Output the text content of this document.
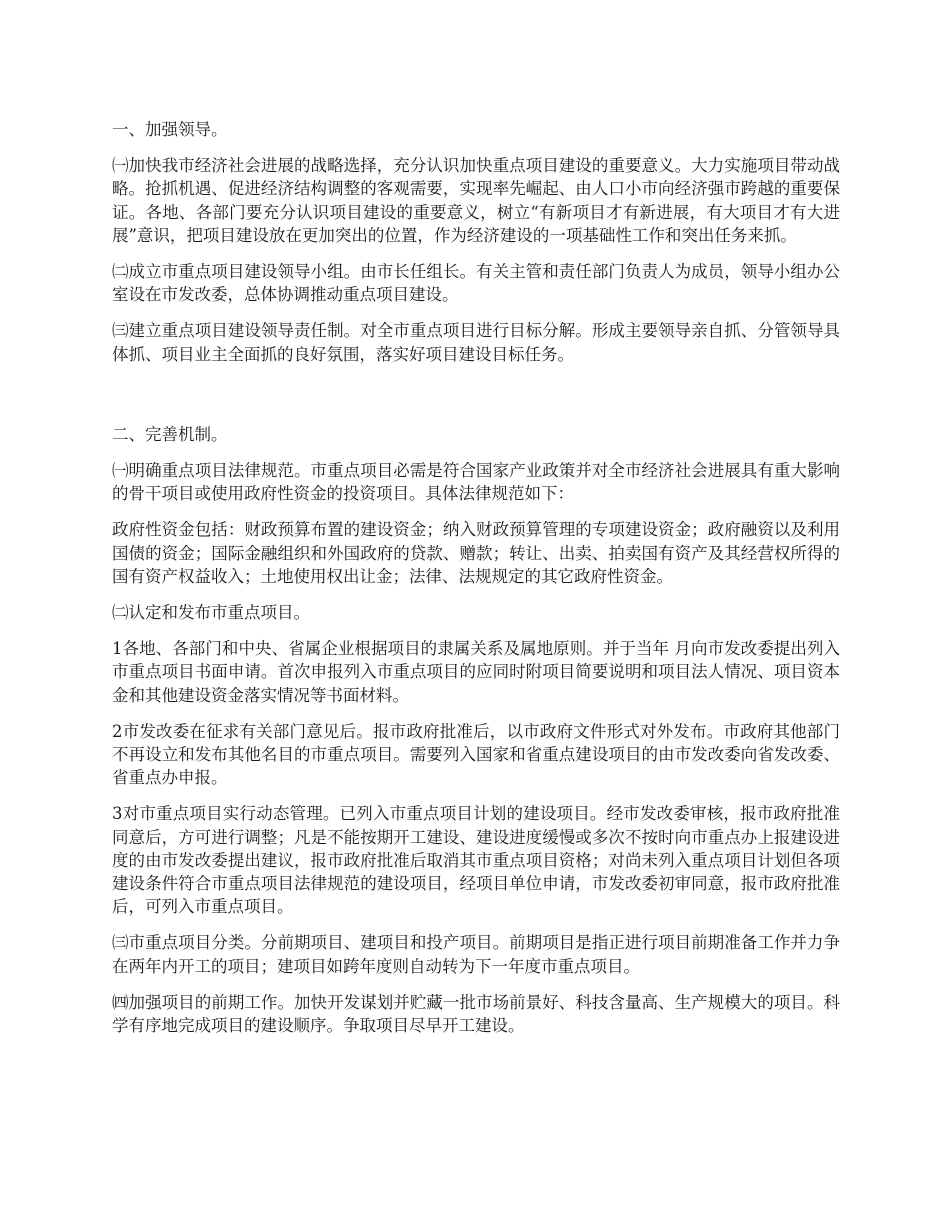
一、加强领导。

㈠加快我市经济社会进展的战略选择，充分认识加快重点项目建设的重要意义。大力实施项目带动战略。抢抓机遇、促进经济结构调整的客观需要，实现率先崛起、由人口小市向经济强市跨越的重要保证。各地、各部门要充分认识项目建设的重要意义，树立“有新项目才有新进展，有大项目才有大进展”意识，把项目建设放在更加突出的位置，作为经济建设的一项基础性工作和突出任务来抓。

㈡成立市重点项目建设领导小组。由市长任组长。有关主管和责任部门负责人为成员，领导小组办公室设在市发改委，总体协调推动重点项目建设。

㈢建立重点项目建设领导责任制。对全市重点项目进行目标分解。形成主要领导亲自抓、分管领导具体抓、项目业主全面抓的良好氛围，落实好项目建设目标任务。

二、完善机制。

㈠明确重点项目法律规范。市重点项目必需是符合国家产业政策并对全市经济社会进展具有重大影响的骨干项目或使用政府性资金的投资项目。具体法律规范如下：

政府性资金包括：财政预算布置的建设资金；纳入财政预算管理的专项建设资金；政府融资以及利用国债的资金；国际金融组织和外国政府的贷款、赠款；转让、出卖、拍卖国有资产及其经营权所得的国有资产权益收入；土地使用权出让金；法律、法规规定的其它政府性资金。

㈡认定和发布市重点项目。

1各地、各部门和中央、省属企业根据项目的隶属关系及属地原则。并于当年 月向市发改委提出列入市重点项目书面申请。首次申报列入市重点项目的应同时附项目简要说明和项目法人情况、项目资本金和其他建设资金落实情况等书面材料。

2市发改委在征求有关部门意见后。报市政府批准后，以市政府文件形式对外发布。市政府其他部门不再设立和发布其他名目的市重点项目。需要列入国家和省重点建设项目的由市发改委向省发改委、省重点办申报。

3对市重点项目实行动态管理。已列入市重点项目计划的建设项目。经市发改委审核，报市政府批准同意后，方可进行调整；凡是不能按期开工建设、建设进度缓慢或多次不按时向市重点办上报建设进度的由市发改委提出建议，报市政府批准后取消其市重点项目资格；对尚未列入重点项目计划但各项建设条件符合市重点项目法律规范的建设项目，经项目单位申请，市发改委初审同意，报市政府批准后，可列入市重点项目。

㈢市重点项目分类。分前期项目、建项目和投产项目。前期项目是指正进行项目前期准备工作并力争在两年内开工的项目；建项目如跨年度则自动转为下一年度市重点项目。

㈣加强项目的前期工作。加快开发谋划并贮藏一批市场前景好、科技含量高、生产规模大的项目。科学有序地完成项目的建设顺序。争取项目尽早开工建设。
